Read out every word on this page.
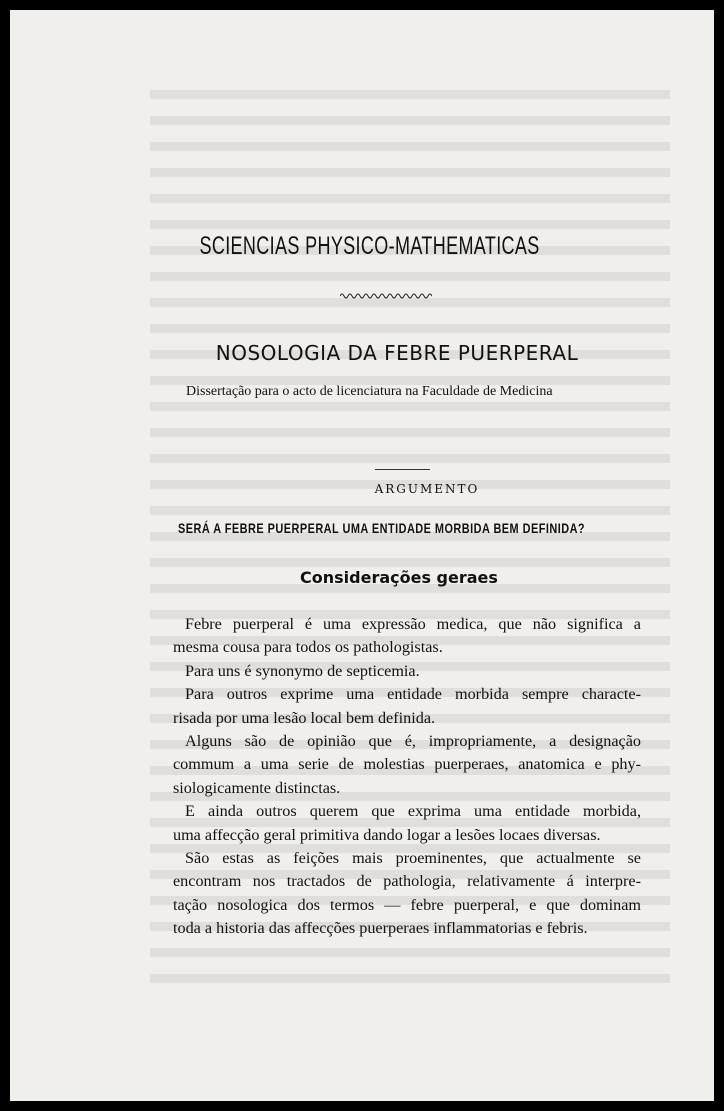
SCIENCIAS PHYSICO-MATHEMATICAS
NOSOLOGIA DA FEBRE PUERPERAL
Dissertação para o acto de licenciatura na Faculdade de Medicina
ARGUMENTO
SERÁ A FEBRE PUERPERAL UMA ENTIDADE MORBIDA BEM DEFINIDA?
Considerações geraes

Febre puerperal é uma expressão medica, que não significa a
mesma cousa para todos os pathologistas.

Para uns é synonymo de septicemia.

Para outros exprime uma entidade morbida sempre characte-
risada por uma lesão local bem definida.

Alguns são de opinião que é, impropriamente, a designação
commum a uma serie de molestias puerperaes, anatomica e phy-
siologicamente distinctas.

E ainda outros querem que exprima uma entidade morbida,
uma affecção geral primitiva dando logar a lesões locaes diversas.

São estas as feições mais proeminentes, que actualmente se
encontram nos tractados de pathologia, relativamente á interpre-
tação nosologica dos termos — febre puerperal, e que dominam
toda a historia das affecções puerperaes inflammatorias e febris.
